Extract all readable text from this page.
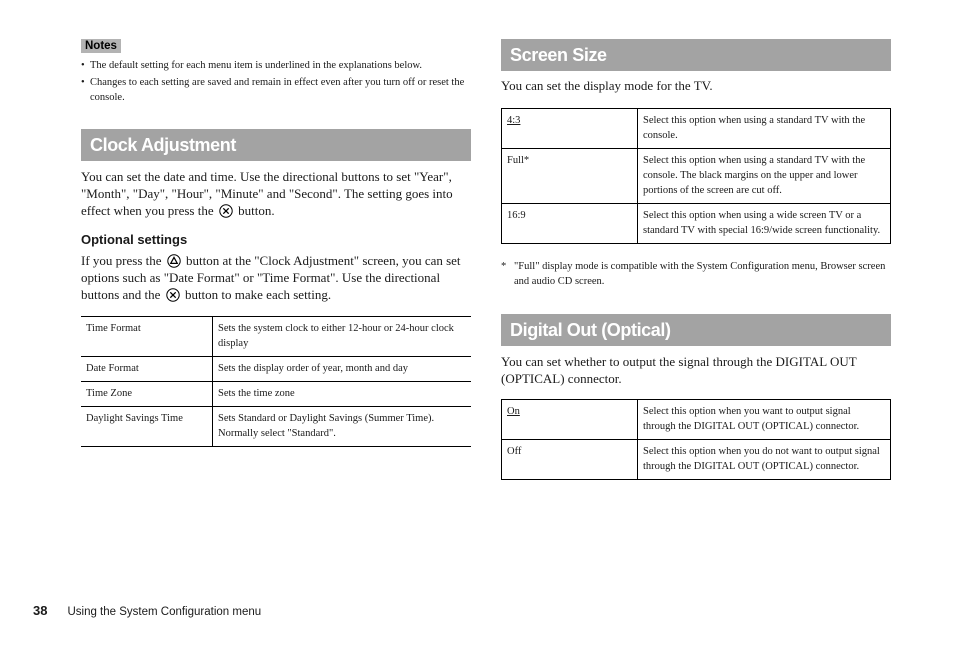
Notes
• The default setting for each menu item is underlined in the explanations below.
• Changes to each setting are saved and remain in effect even after you turn off or reset the console.
Clock Adjustment

You can set the date and time. Use the directional buttons to set "Year", "Month", "Day", "Hour", "Minute" and "Second". The setting goes into effect when you press the button.

Optional settings

If you press the button at the "Clock Adjustment" screen, you can set options such as "Date Format" or "Time Format". Use the directional buttons and the button to make each setting.

Time Format	Sets the system clock to either 12-hour or 24-hour clock display
Date Format	Sets the display order of year, month and day
Time Zone	Sets the time zone
Daylight Savings Time	Sets Standard or Daylight Savings (Summer Time). Normally select "Standard".
Screen Size

You can set the display mode for the TV.

4:3	Select this option when using a standard TV with the console.
Full*	Select this option when using a standard TV with the console. The black margins on the upper and lower portions of the screen are cut off.
16:9	Select this option when using a wide screen TV or a standard TV with special 16:9/wide screen functionality.

* "Full" display mode is compatible with the System Configuration menu, Browser screen and audio CD screen.

Digital Out (Optical)

You can set whether to output the signal through the DIGITAL OUT (OPTICAL) connector.

On	Select this option when you want to output signal through the DIGITAL OUT (OPTICAL) connector.
Off	Select this option when you do not want to output signal through the DIGITAL OUT (OPTICAL) connector.
38 Using the System Configuration menu
